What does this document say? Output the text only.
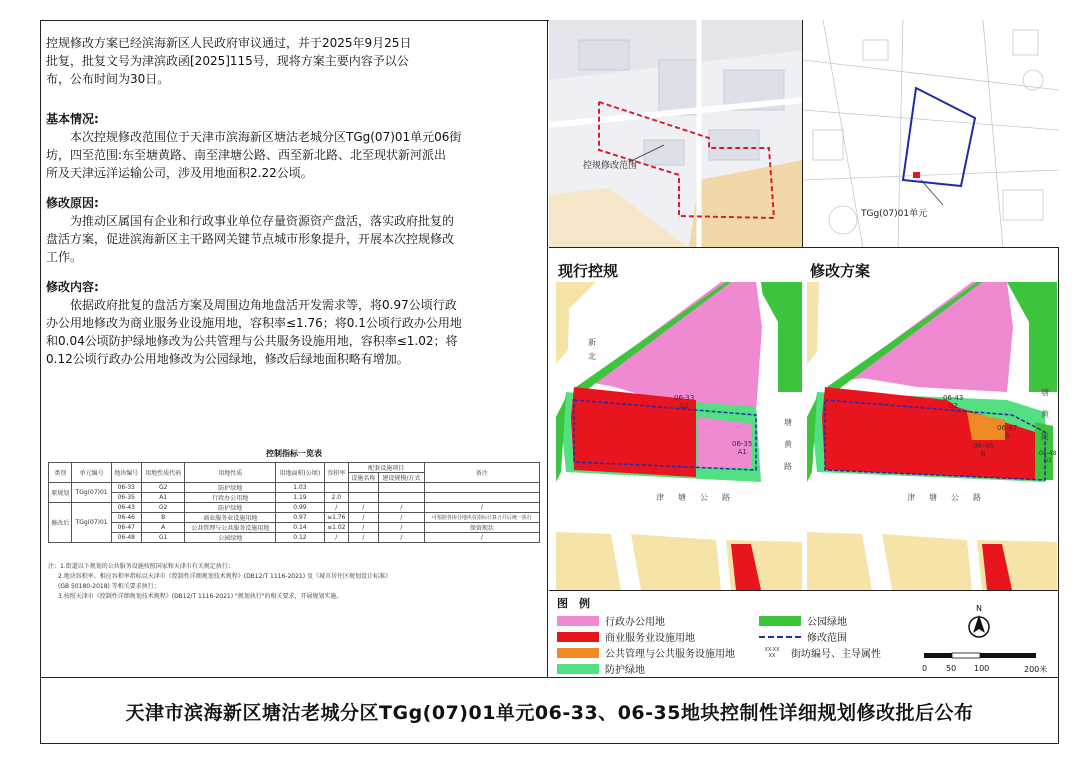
控规修改方案已经滨海新区人民政府审议通过，并于2025年9月25日

批复，批复文号为津滨政函[2025]115号，现将方案主要内容予以公

布，公布时间为30日。

基本情况:

本次控规修改范围位于天津市滨海新区塘沽老城分区TGg(07)01单元06街

坊，四至范围:东至塘黄路、南至津塘公路、西至新北路、北至现状新河派出

所及天津远洋运输公司，涉及用地面积2.22公顷。

修改原因:

为推动区属国有企业和行政事业单位存量资源资产盘活，落实政府批复的

盘活方案，促进滨海新区主干路网关键节点城市形象提升，开展本次控规修改

工作。

修改内容:

依据政府批复的盘活方案及周围边角地盘活开发需求等，将0.97公顷行政

办公用地修改为商业服务业设施用地，容积率≤1.76；将0.1公顷行政办公用地

和0.04公顷防护绿地修改为公共管理与公共服务设施用地，容积率≤1.02；将

0.12公顷行政办公用地修改为公园绿地，修改后绿地面积略有增加。

控制指标一览表
类别	单元编号	地块编号	用地性质代码	用地性质	用地面积(公顷)	容积率	配套设施项目		备注
							设施名称	建设规模/方式	
原规划	TGg(07)01	06-33	G2	防护绿地	1.03				
		06-35	A1	行政办公用地	1.19	2.0			
修改后	TGg(07)01	06-43	G2	防护绿地	0.99	/	/	/	/
		06-46	B	商业服务业设施用地	0.97	≤1.76	/	/	可根据各街分地块仅指标计算合并后统一执行
		06-47	A	公共管理与公共服务设施用地	0.14	≤1.02	/	/	保留现状
		06-48	G1	公园绿地	0.12	/	/	/	/
注：1.街道以下规划的公共服务设施按照国家和天津市有关规定执行；
2.地块容积率、相应容积率指标以天津市《控制性详细规划技术规程》(DB12/T 1116-2021) 及《城市居住区规划设计标准》
(GB 50180-2018) 等相关要求执行；
3.按照天津市《控制性详细规划技术规程》(DB12/T 1116-2021) "规划执行"的相关要求，开展规划实施。
控规修改范围
TGg(07)01单元
现行控规	修改方案
新
北
06-33
G2
06-35
A1
塘
黄
路
津塘公路
06-43
G2
06-46
B
06-47
A
06-48
G1
塘
黄
路
津塘公路
图　例
行政办公用地
商业服务业设施用地
公共管理与公共服务设施用地
防护绿地
公园绿地
修改范围
XX-XX
XX	街坊编号、主导属性
N
0 50 100	200米
天津市滨海新区塘沽老城分区TGg(07)01单元06-33、06-35地块控制性详细规划修改批后公布
